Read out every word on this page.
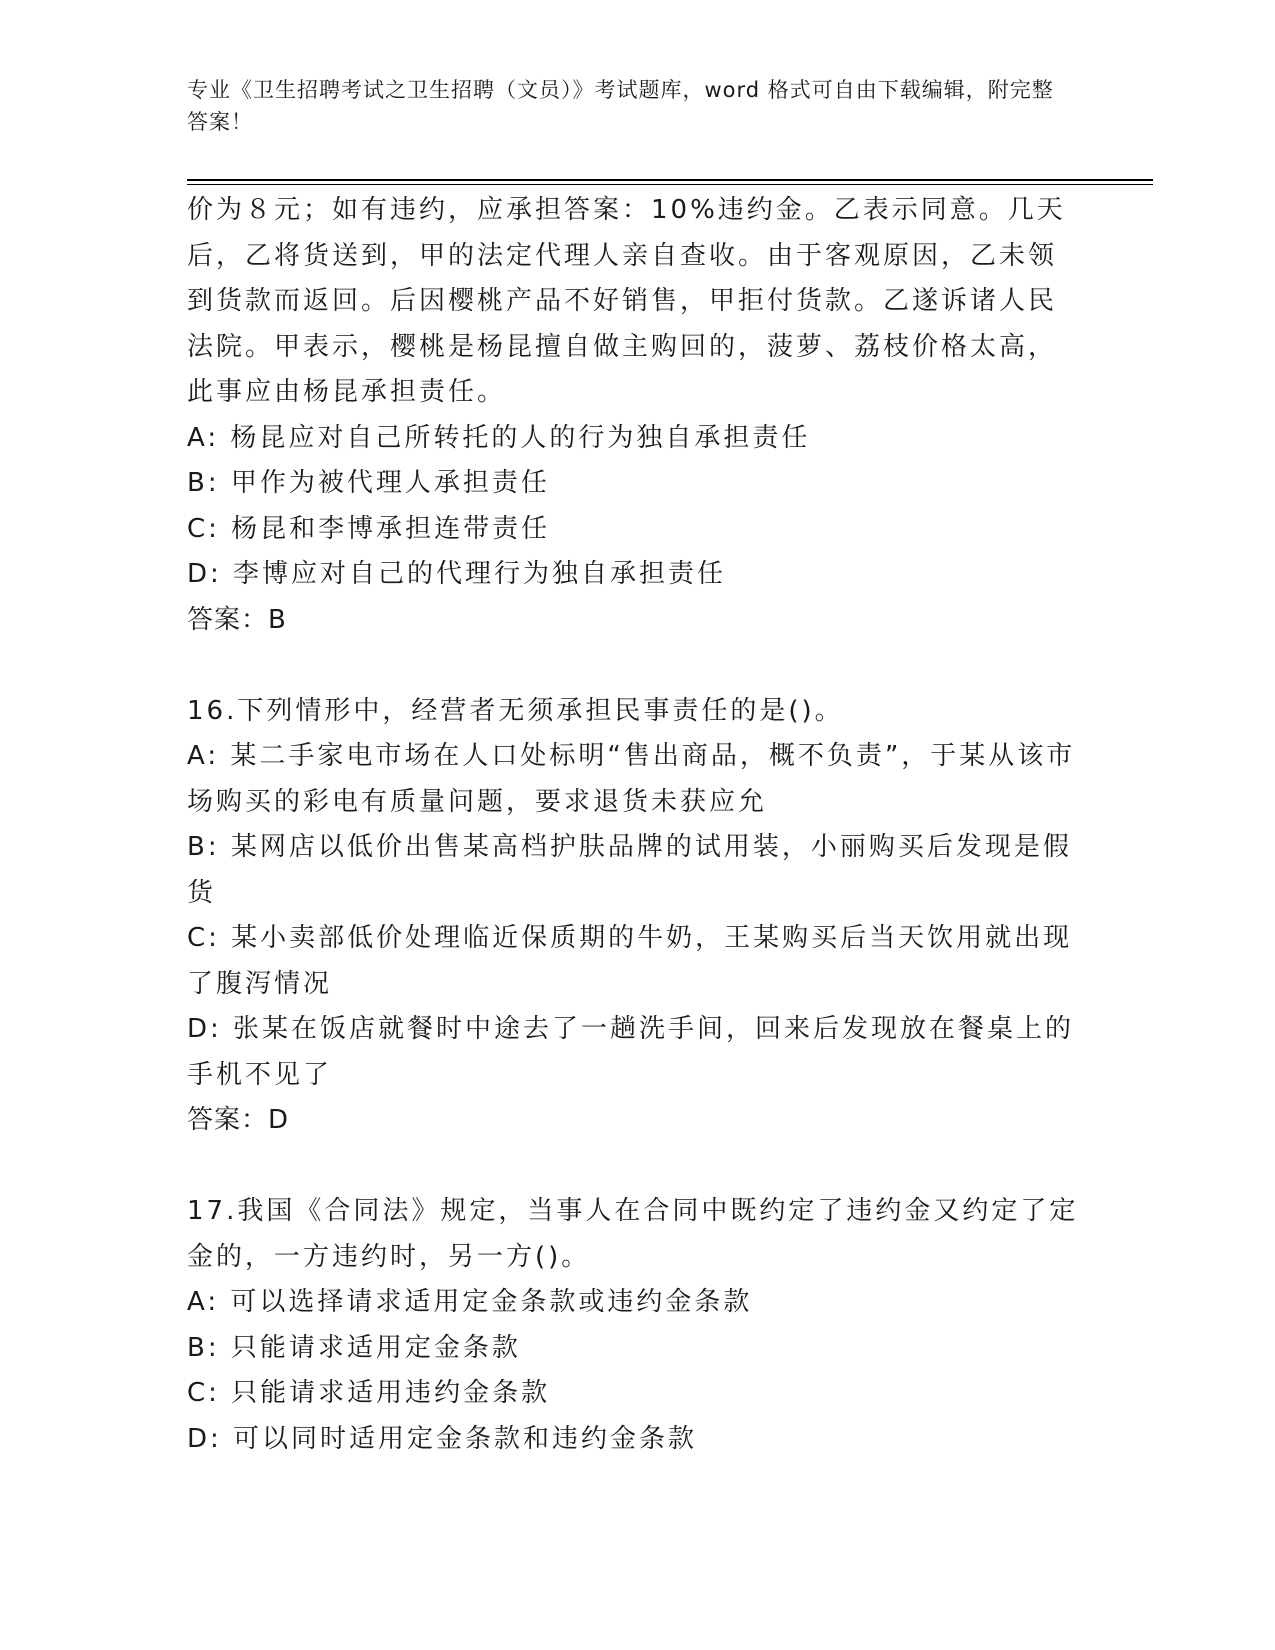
专业《卫生招聘考试之卫生招聘（文员）》考试题库，word 格式可自由下载编辑，附完整答案！

价为８元；如有违约，应承担答案：10%违约金。乙表示同意。几天后，乙将货送到，甲的法定代理人亲自查收。由于客观原因，乙未领到货款而返回。后因樱桃产品不好销售，甲拒付货款。乙遂诉诸人民法院。甲表示，樱桃是杨昆擅自做主购回的，菠萝、荔枝价格太高，此事应由杨昆承担责任。

A: 杨昆应对自己所转托的人的行为独自承担责任

B: 甲作为被代理人承担责任

C: 杨昆和李博承担连带责任

D: 李博应对自己的代理行为独自承担责任

答案：B

16.下列情形中，经营者无须承担民事责任的是()。

A: 某二手家电市场在人口处标明“售出商品，概不负责”，于某从该市场购买的彩电有质量问题，要求退货未获应允

B: 某网店以低价出售某高档护肤品牌的试用装，小丽购买后发现是假货

C: 某小卖部低价处理临近保质期的牛奶，王某购买后当天饮用就出现了腹泻情况

D: 张某在饭店就餐时中途去了一趟洗手间，回来后发现放在餐桌上的手机不见了

答案：D

17.我国《合同法》规定，当事人在合同中既约定了违约金又约定了定金的，一方违约时，另一方()。

A: 可以选择请求适用定金条款或违约金条款

B: 只能请求适用定金条款

C: 只能请求适用违约金条款

D: 可以同时适用定金条款和违约金条款
